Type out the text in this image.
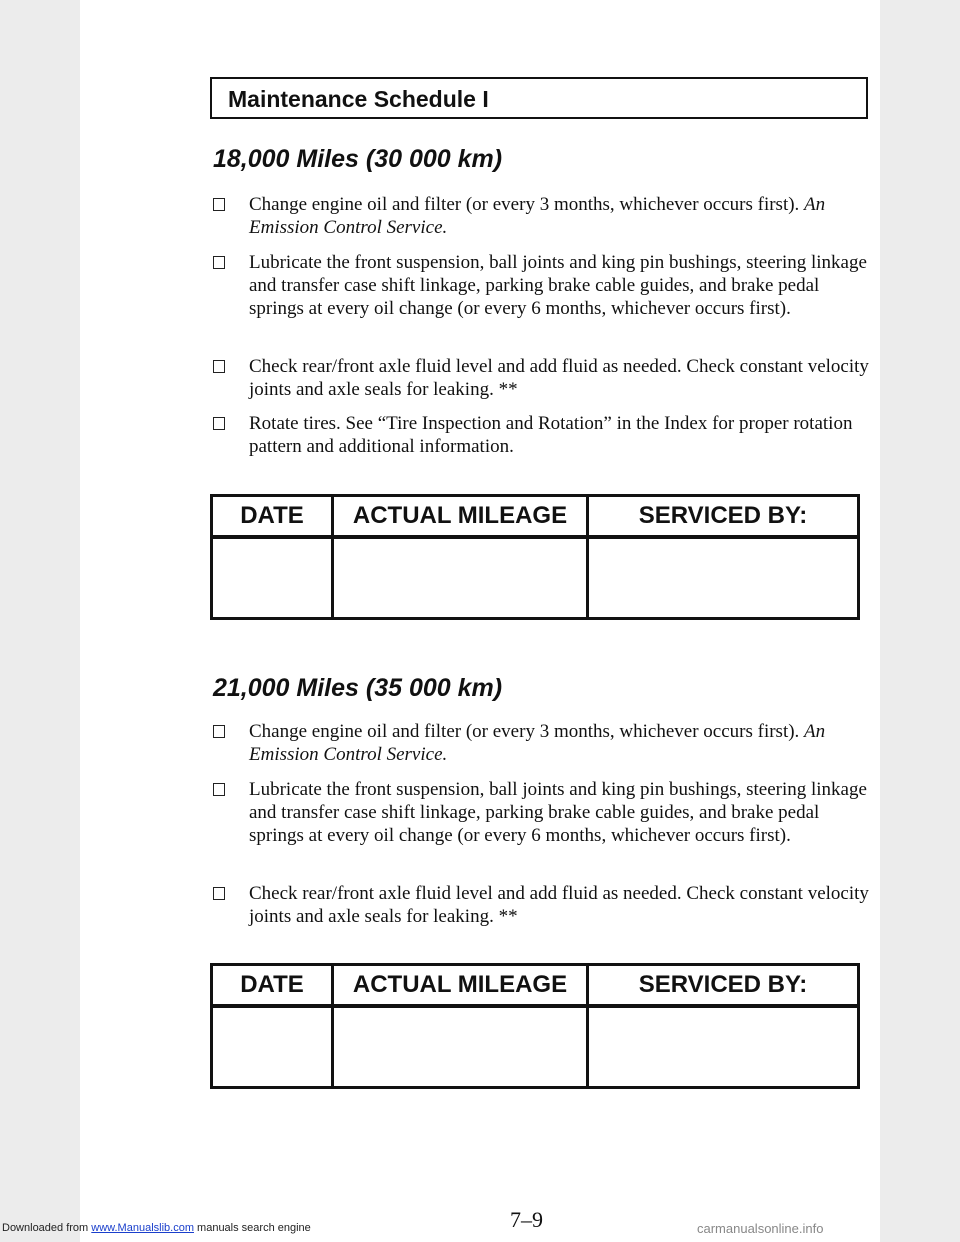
Maintenance Schedule I
18,000 Miles (30 000 km)
Change engine oil and filter (or every 3 months, whichever occurs first). An Emission Control Service.
Lubricate the front suspension, ball joints and king pin bushings, steering linkage and transfer case shift linkage, parking brake cable guides, and brake pedal springs at every oil change (or every 6 months, whichever occurs first).
Check rear/front axle fluid level and add fluid as needed. Check constant velocity joints and axle seals for leaking. **
Rotate tires. See “Tire Inspection and Rotation” in the Index for proper rotation pattern and additional information.
DATE	ACTUAL MILEAGE	SERVICED BY:

21,000 Miles (35 000 km)
Change engine oil and filter (or every 3 months, whichever occurs first). An Emission Control Service.
Lubricate the front suspension, ball joints and king pin bushings, steering linkage and transfer case shift linkage, parking brake cable guides, and brake pedal springs at every oil change (or every 6 months, whichever occurs first).
Check rear/front axle fluid level and add fluid as needed. Check constant velocity joints and axle seals for leaking. **
DATE	ACTUAL MILEAGE	SERVICED BY:

7–9
Downloaded from www.Manualslib.com manuals search engine	carmanualsonline.info
